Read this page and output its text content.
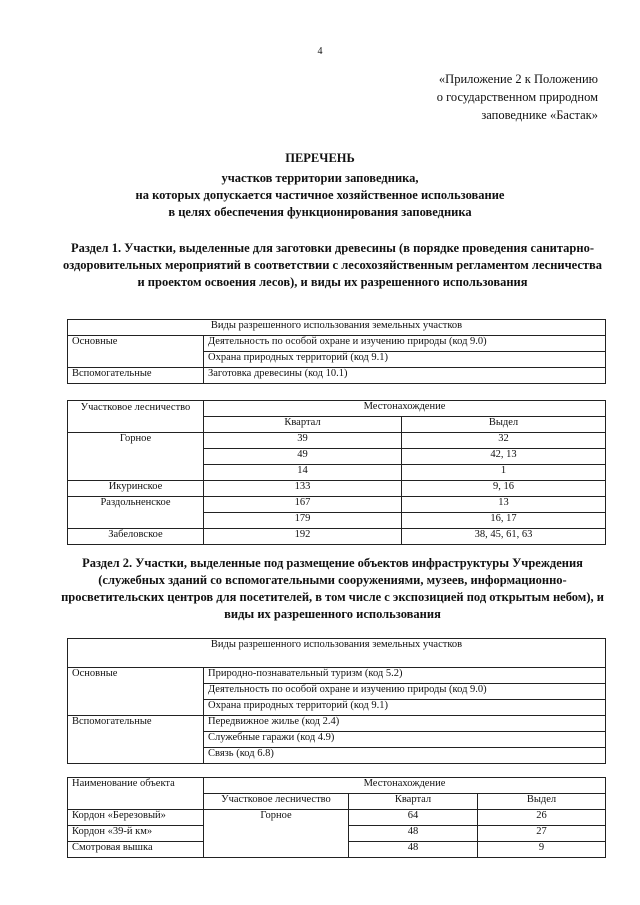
4
«Приложение 2 к Положению
о государственном природном
заповеднике «Бастак»
ПЕРЕЧЕНЬ
участков территории заповедника,
на которых допускается частичное хозяйственное использование
в целях обеспечения функционирования заповедника
Раздел 1. Участки, выделенные для заготовки древесины (в порядке проведения санитарно-оздоровительных мероприятий в соответствии с лесохозяйственным регламентом лесничества и проектом освоения лесов), и виды их разрешенного использования
Виды разрешенного использования земельных участков	
Основные	Деятельность по особой охране и изучению природы (код 9.0)
	Охрана природных территорий (код 9.1)
Вспомогательные	Заготовка древесины (код 10.1)
Участковое лесничество	Местонахождение	
	Квартал	Выдел
Горное	39	32
	49	42, 13
	14	1
Икуринское	133	9, 16
Раздольненское	167	13
	179	16, 17
Забеловское	192	38, 45, 61, 63
Раздел 2. Участки, выделенные под размещение объектов инфраструктуры Учреждения (служебных зданий со вспомогательными сооружениями, музеев, информационно-просветительских центров для посетителей, в том числе с экспозицией под открытым небом), и виды их разрешенного использования
Виды разрешенного использования земельных участков	
Основные	Природно-познавательный туризм (код 5.2)
	Деятельность по особой охране и изучению природы (код 9.0)
	Охрана природных территорий (код 9.1)
Вспомогательные	Передвижное жилье (код 2.4)
	Служебные гаражи (код 4.9)
	Связь (код 6.8)
Наименование объекта	Местонахождение		
	Участковое лесничество	Квартал	Выдел
Кордон «Березовый»	Горное	64	26
Кордон «39-й км»		48	27
Смотровая вышка		48	9
